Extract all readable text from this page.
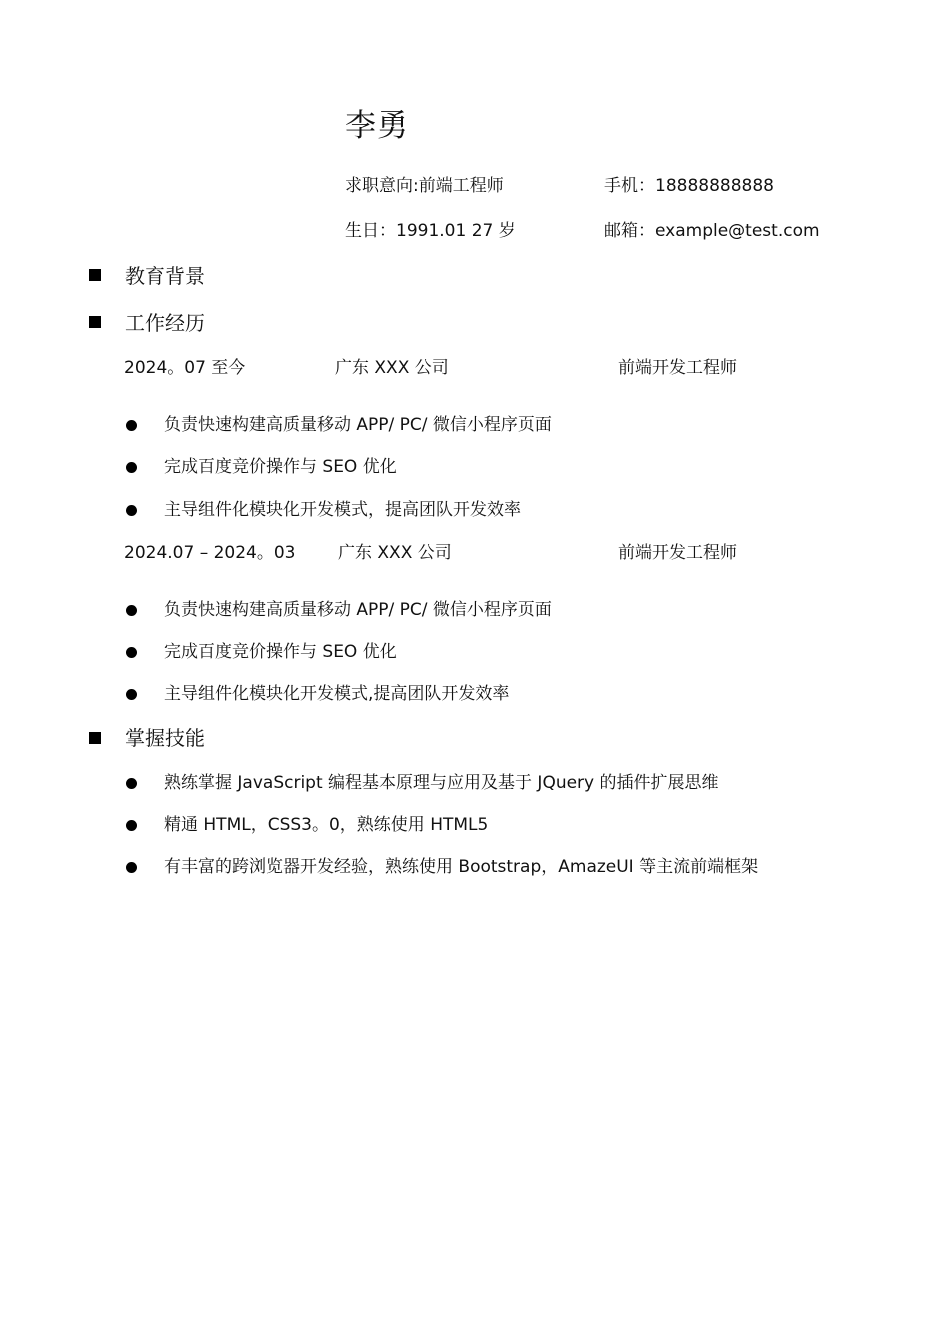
李勇
求职意向:前端工程师	手机：18888888888
生日：1991.01 27 岁	邮箱：example@test.com
教育背景
工作经历
2024。07 至今	广东 XXX 公司	前端开发工程师
负责快速构建高质量移动 APP/ PC/ 微信小程序页面
完成百度竞价操作与 SEO 优化
主导组件化模块化开发模式，提高团队开发效率
2024.07 – 2024。03 广东 XXX 公司	前端开发工程师
负责快速构建高质量移动 APP/ PC/ 微信小程序页面
完成百度竞价操作与 SEO 优化
主导组件化模块化开发模式,提高团队开发效率
掌握技能
熟练掌握 JavaScript 编程基本原理与应用及基于 JQuery 的插件扩展思维
精通 HTML，CSS3。0，熟练使用 HTML5
有丰富的跨浏览器开发经验，熟练使用 Bootstrap，AmazeUI 等主流前端框架
